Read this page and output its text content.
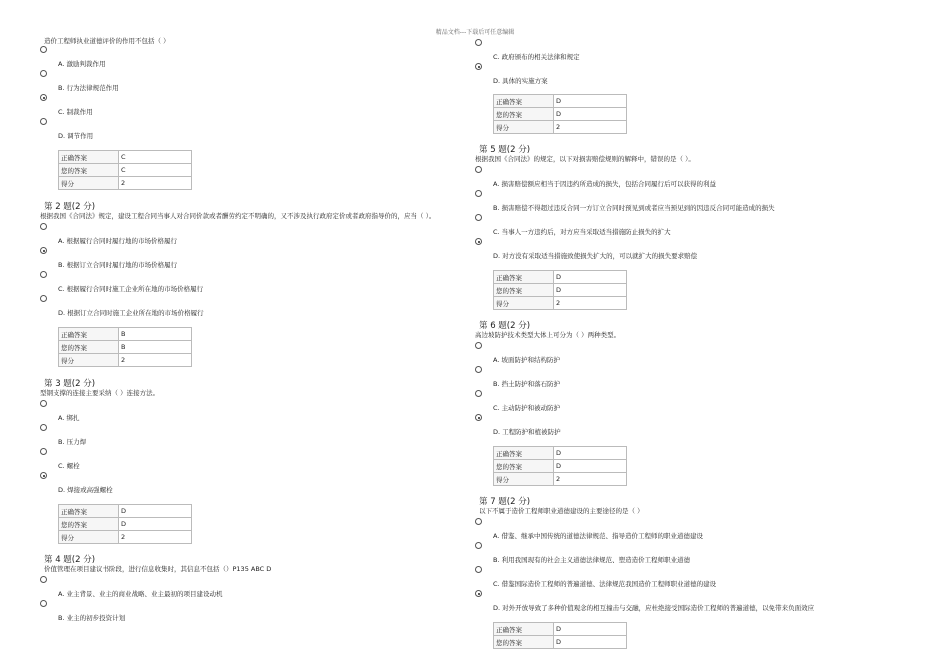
精品文档---下载后可任意编辑
造价工程师执业道德评价的作用不包括（ ）
A. 激励判裁作用
B. 行为法律规范作用
C. 制裁作用
D. 调节作用
正确答案	C
您的答案	C
得分	2
第 2 题(2 分)
根据我国《合同法》规定，建设工程合同当事人对合同价款或者酬劳约定不明确的，又不涉及执行政府定价或者政府指导价的，应当（ ）。
A. 根据履行合同时履行地的市场价格履行
B. 根据订立合同时履行地的市场价格履行
C. 根据履行合同时施工企业所在地的市场价格履行
D. 根据订立合同时施工企业所在地的市场价格履行
正确答案	B
您的答案	B
得分	2
第 3 题(2 分)
型钢支撑的连接主要采纳（ ）连接方法。
A. 绑扎
B. 压力焊
C. 螺栓
D. 焊接或高强螺栓
正确答案	D
您的答案	D
得分	2
第 4 题(2 分)
价值管理在项目建议书阶段，进行信息收集时，其信息不包括（）P135 ABC D
A. 业主背景、业主的商业战略、业主最初的项目建设动机
B. 业主的初步投资计划
C. 政府颁布的相关法律和规定
D. 具体的实施方案
正确答案	D
您的答案	D
得分	2
第 5 题(2 分)
根据我国《合同法》的规定，以下对损害赔偿规则的解释中，错误的是（ ）。
A. 损害赔偿额应相当于因违约所造成的损失，包括合同履行后可以获得的利益
B. 损害赔偿不得超过违反合同一方订立合同时预见到或者应当预见到的因违反合同可能造成的损失
C. 当事人一方违约后，对方应当采取适当措施防止损失的扩大
D. 对方没有采取适当措施致使损失扩大的，可以就扩大的损失要求赔偿
正确答案	D
您的答案	D
得分	2
第 6 题(2 分)
高边坡防护技术类型大体上可分为（ ）两种类型。
A. 坡面防护和结构防护
B. 挡土防护和落石防护
C. 主动防护和被动防护
D. 工程防护和植被防护
正确答案	D
您的答案	D
得分	2
第 7 题(2 分)
以下不属于造价工程师职业道德建设的主要途径的是（ ）
A. 借鉴、继承中国传统的道德法律规范、指导造价工程师的职业道德建设
B. 利用我国现有的社会主义道德法律规范、塑造造价工程师职业道德
C. 借鉴国际造价工程师的普遍道德、法律规范我国造价工程师职业道德的建设
D. 对外开放导致了多种价值观念的相互撞击与交融，应杜绝接受国际造价工程师的普遍道德，以免带来负面效应
正确答案	D
您的答案	D
